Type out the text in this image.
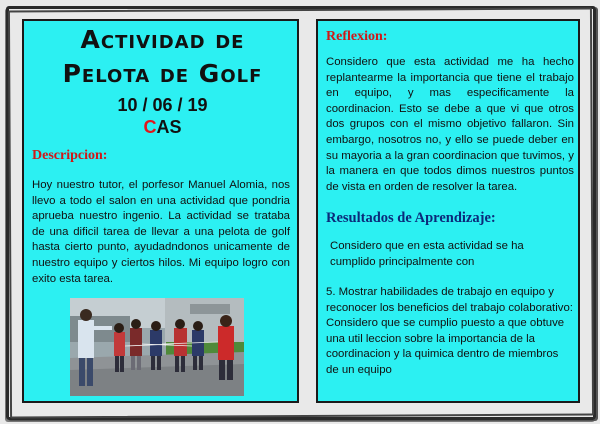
Actividad de
Pelota de Golf
10 / 06 / 19
CAS
Descripcion:
Hoy nuestro tutor, el porfesor Manuel Alomia, nos llevo a todo el salon en una actividad que pondria aprueba nuestro ingenio. La actividad se trataba de una dificil tarea de llevar a una pelota de golf hasta cierto punto, ayudadndonos unicamente de nuestro equipo y ciertos hilos. Mi equipo logro con exito esta tarea.
Reflexion:
Considero que esta actividad me ha hecho replantearme la importancia que tiene el trabajo en equipo, y mas especificamente la coordinacion. Esto se debe a que vi que otros dos grupos con el mismo objetivo fallaron. Sin embargo, nosotros no, y ello se puede deber en su mayoria a la gran coordinacion que tuvimos, y la manera en que todos dimos nuestros puntos de vista en orden de resolver la tarea.
Resultados de Aprendizaje:
Considero que en esta actividad se ha cumplido principalmente con
5. Mostrar habilidades de trabajo en equipo y reconocer los beneficios del trabajo colaborativo: Considero que se cumplio puesto a que obtuve una util leccion sobre la importancia de la coordinacion y la quimica dentro de miembros de un equipo
